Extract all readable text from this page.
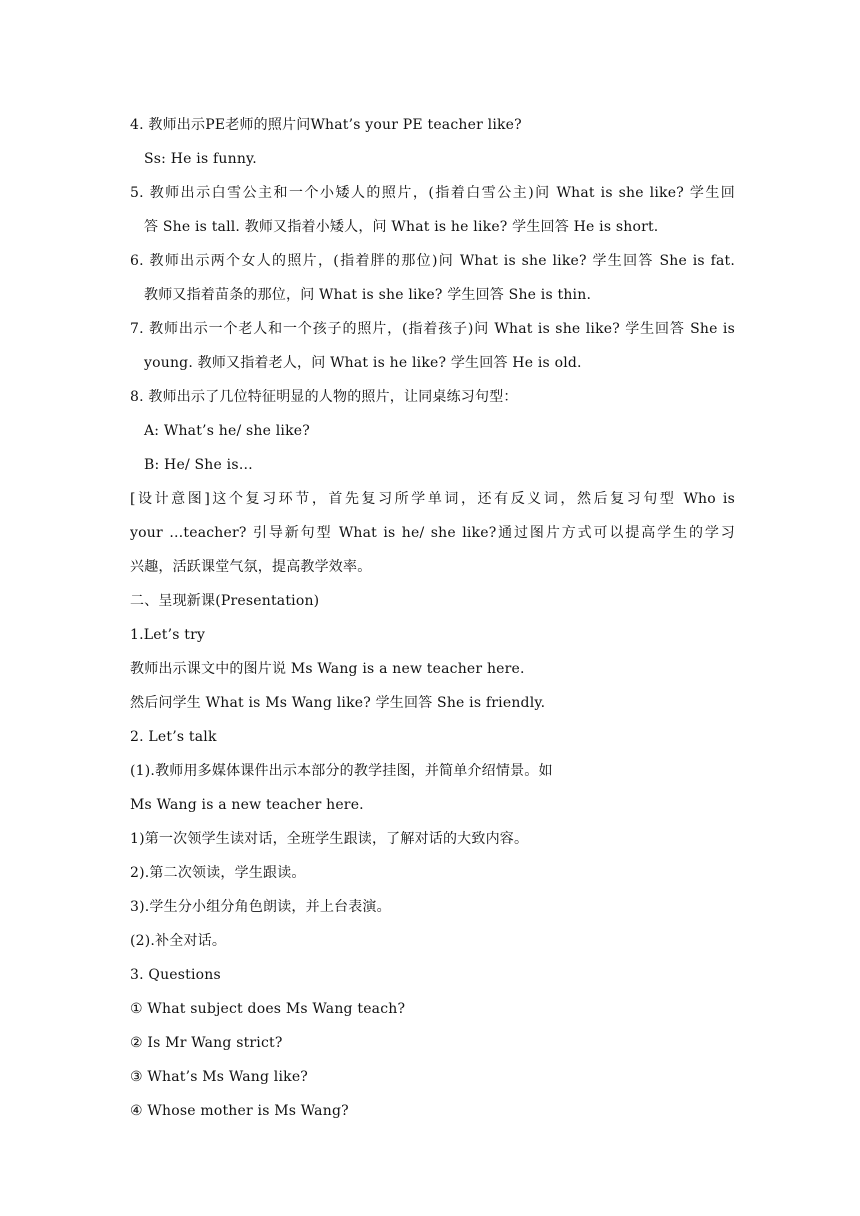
4. 教师出示PE老师的照片问What’s your PE teacher like?
Ss: He is funny.
5. 教师出示白雪公主和一个小矮人的照片，(指着白雪公主)问 What is she like? 学生回
答 She is tall. 教师又指着小矮人，问 What is he like? 学生回答 He is short.
6. 教师出示两个女人的照片，(指着胖的那位)问 What is she like? 学生回答 She is fat.
教师又指着苗条的那位，问 What is she like? 学生回答 She is thin.
7. 教师出示一个老人和一个孩子的照片，(指着孩子)问 What is she like? 学生回答 She is
young. 教师又指着老人，问 What is he like? 学生回答 He is old.
8. 教师出示了几位特征明显的人物的照片，让同桌练习句型：
A: What’s he/ she like?
B: He/ She is…
[设计意图]这个复习环节，首先复习所学单词，还有反义词，然后复习句型 Who is
your …teacher? 引导新句型 What is he/ she like?通过图片方式可以提高学生的学习
兴趣，活跃课堂气氛，提高教学效率。
二、呈现新课(Presentation)
1.Let’s try
教师出示课文中的图片说 Ms Wang is a new teacher here.
然后问学生 What is Ms Wang like? 学生回答 She is friendly.
2. Let’s talk
(1).教师用多媒体课件出示本部分的教学挂图，并简单介绍情景。如
Ms Wang is a new teacher here.
1)第一次领学生读对话，全班学生跟读，了解对话的大致内容。
2).第二次领读，学生跟读。
3).学生分小组分角色朗读，并上台表演。
(2).补全对话。
3. Questions
① What subject does Ms Wang teach?
② Is Mr Wang strict?
③ What’s Ms Wang like?
④ Whose mother is Ms Wang?
